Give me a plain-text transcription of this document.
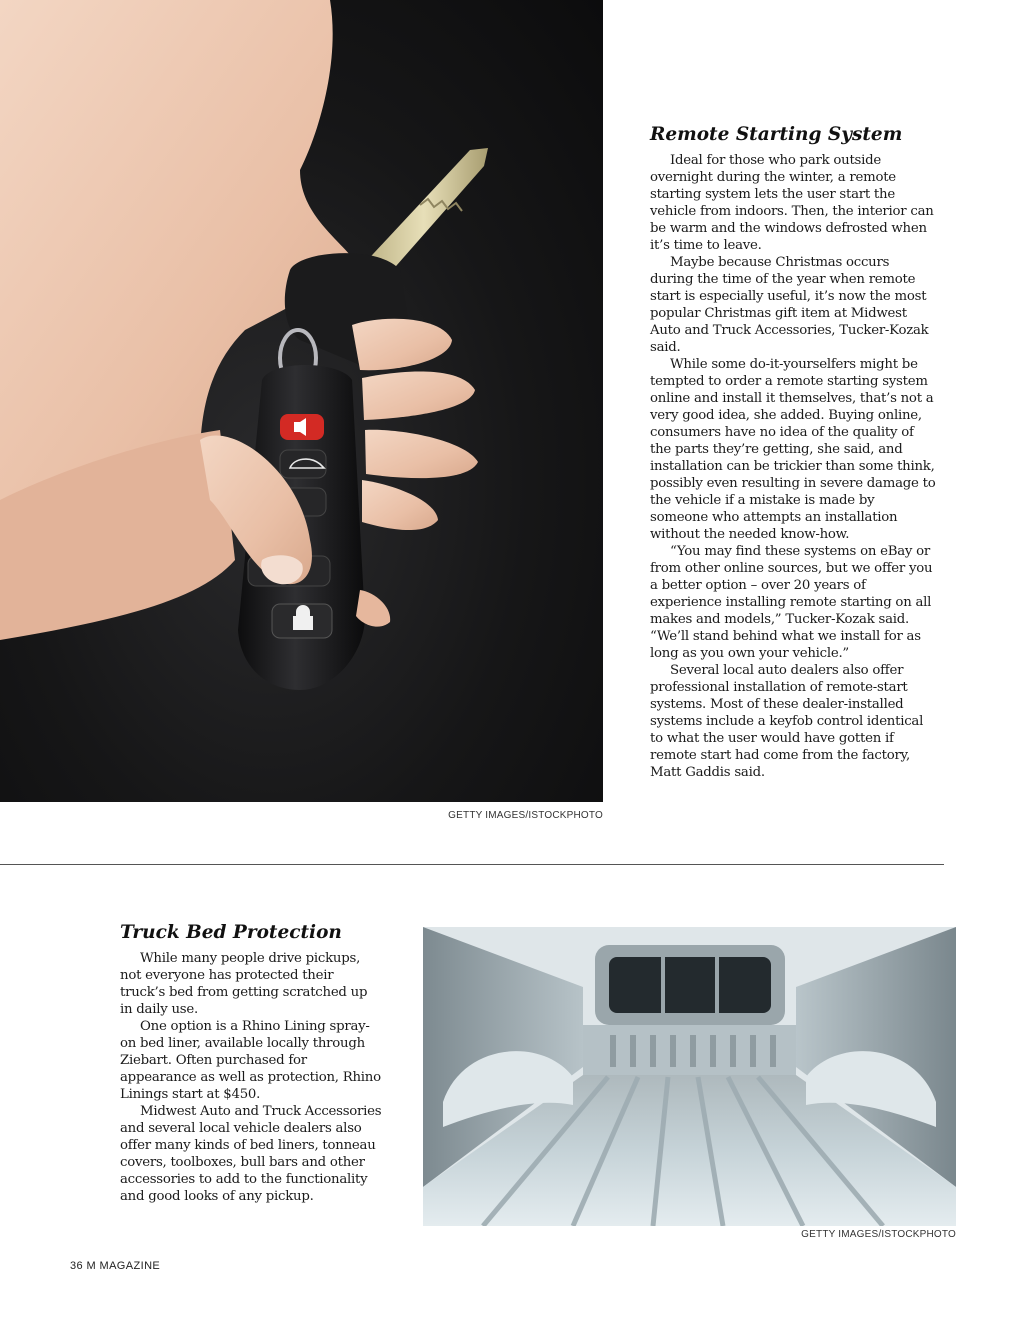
GETTY IMAGES/ISTOCKPHOTO
Remote Starting System

Ideal for those who park outside overnight during the winter, a remote starting system lets the user start the vehicle from indoors. Then, the interior can be warm and the windows defrosted when it’s time to leave.

Maybe because Christmas occurs during the time of the year when remote start is especially useful, it’s now the most popular Christmas gift item at Midwest Auto and Truck Accessories, Tucker-Kozak said.

While some do-it-yourselfers might be tempted to order a remote starting system online and install it themselves, that’s not a very good idea, she added. Buying online, consumers have no idea of the quality of the parts they’re getting, she said, and installation can be trickier than some think, possibly even resulting in severe damage to the vehicle if a mistake is made by someone who attempts an installation without the needed know-how.

“You may find these systems on eBay or from other online sources, but we offer you a better option – over 20 years of experience installing remote starting on all makes and models,” Tucker-Kozak said. “We’ll stand behind what we install for as long as you own your vehicle.”

Several local auto dealers also offer professional installation of remote-start systems. Most of these dealer-installed systems include a keyfob control identical to what the user would have gotten if remote start had come from the factory, Matt Gaddis said.

Truck Bed Protection

While many people drive pickups, not everyone has protected their truck’s bed from getting scratched up in daily use.

One option is a Rhino Lining spray-on bed liner, available locally through Ziebart. Often purchased for appearance as well as protection, Rhino Linings start at $450.

Midwest Auto and Truck Accessories and several local vehicle dealers also offer many kinds of bed liners, tonneau covers, toolboxes, bull bars and other accessories to add to the functionality and good looks of any pickup.

GETTY IMAGES/ISTOCKPHOTO
36 M MAGAZINE
